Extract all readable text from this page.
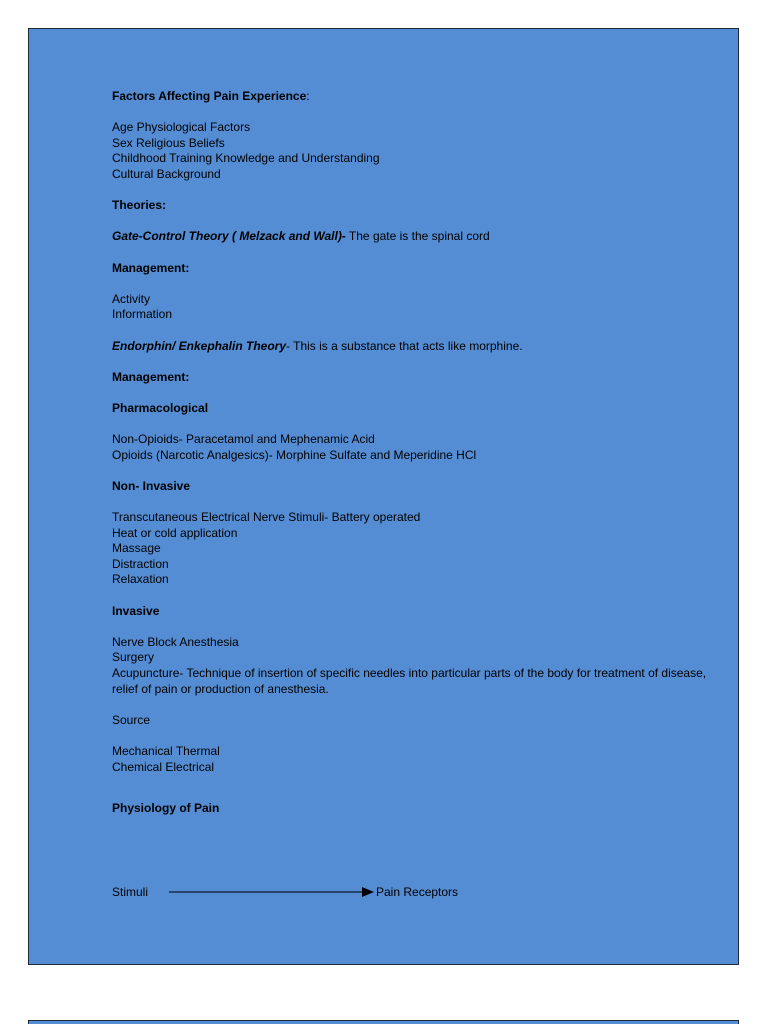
Factors Affecting Pain Experience:
Age Physiological Factors
Sex Religious Beliefs
Childhood Training Knowledge and Understanding
Cultural Background
Theories:
Gate-Control Theory ( Melzack and Wall)- The gate is the spinal cord
Management:
Activity
Information
Endorphin/ Enkephalin Theory- This is a substance that acts like morphine.
Management:
Pharmacological
Non-Opioids- Paracetamol and Mephenamic Acid
Opioids (Narcotic Analgesics)- Morphine Sulfate and Meperidine HCl
Non- Invasive
Transcutaneous Electrical Nerve Stimuli- Battery operated
Heat or cold application
Massage
Distraction
Relaxation
Invasive
Nerve Block Anesthesia
Surgery
Acupuncture- Technique of insertion of specific needles into particular parts of the body for treatment of disease, relief of pain or production of anesthesia.
Source
Mechanical Thermal
Chemical Electrical
Physiology of Pain
Stimuli	Pain Receptors
